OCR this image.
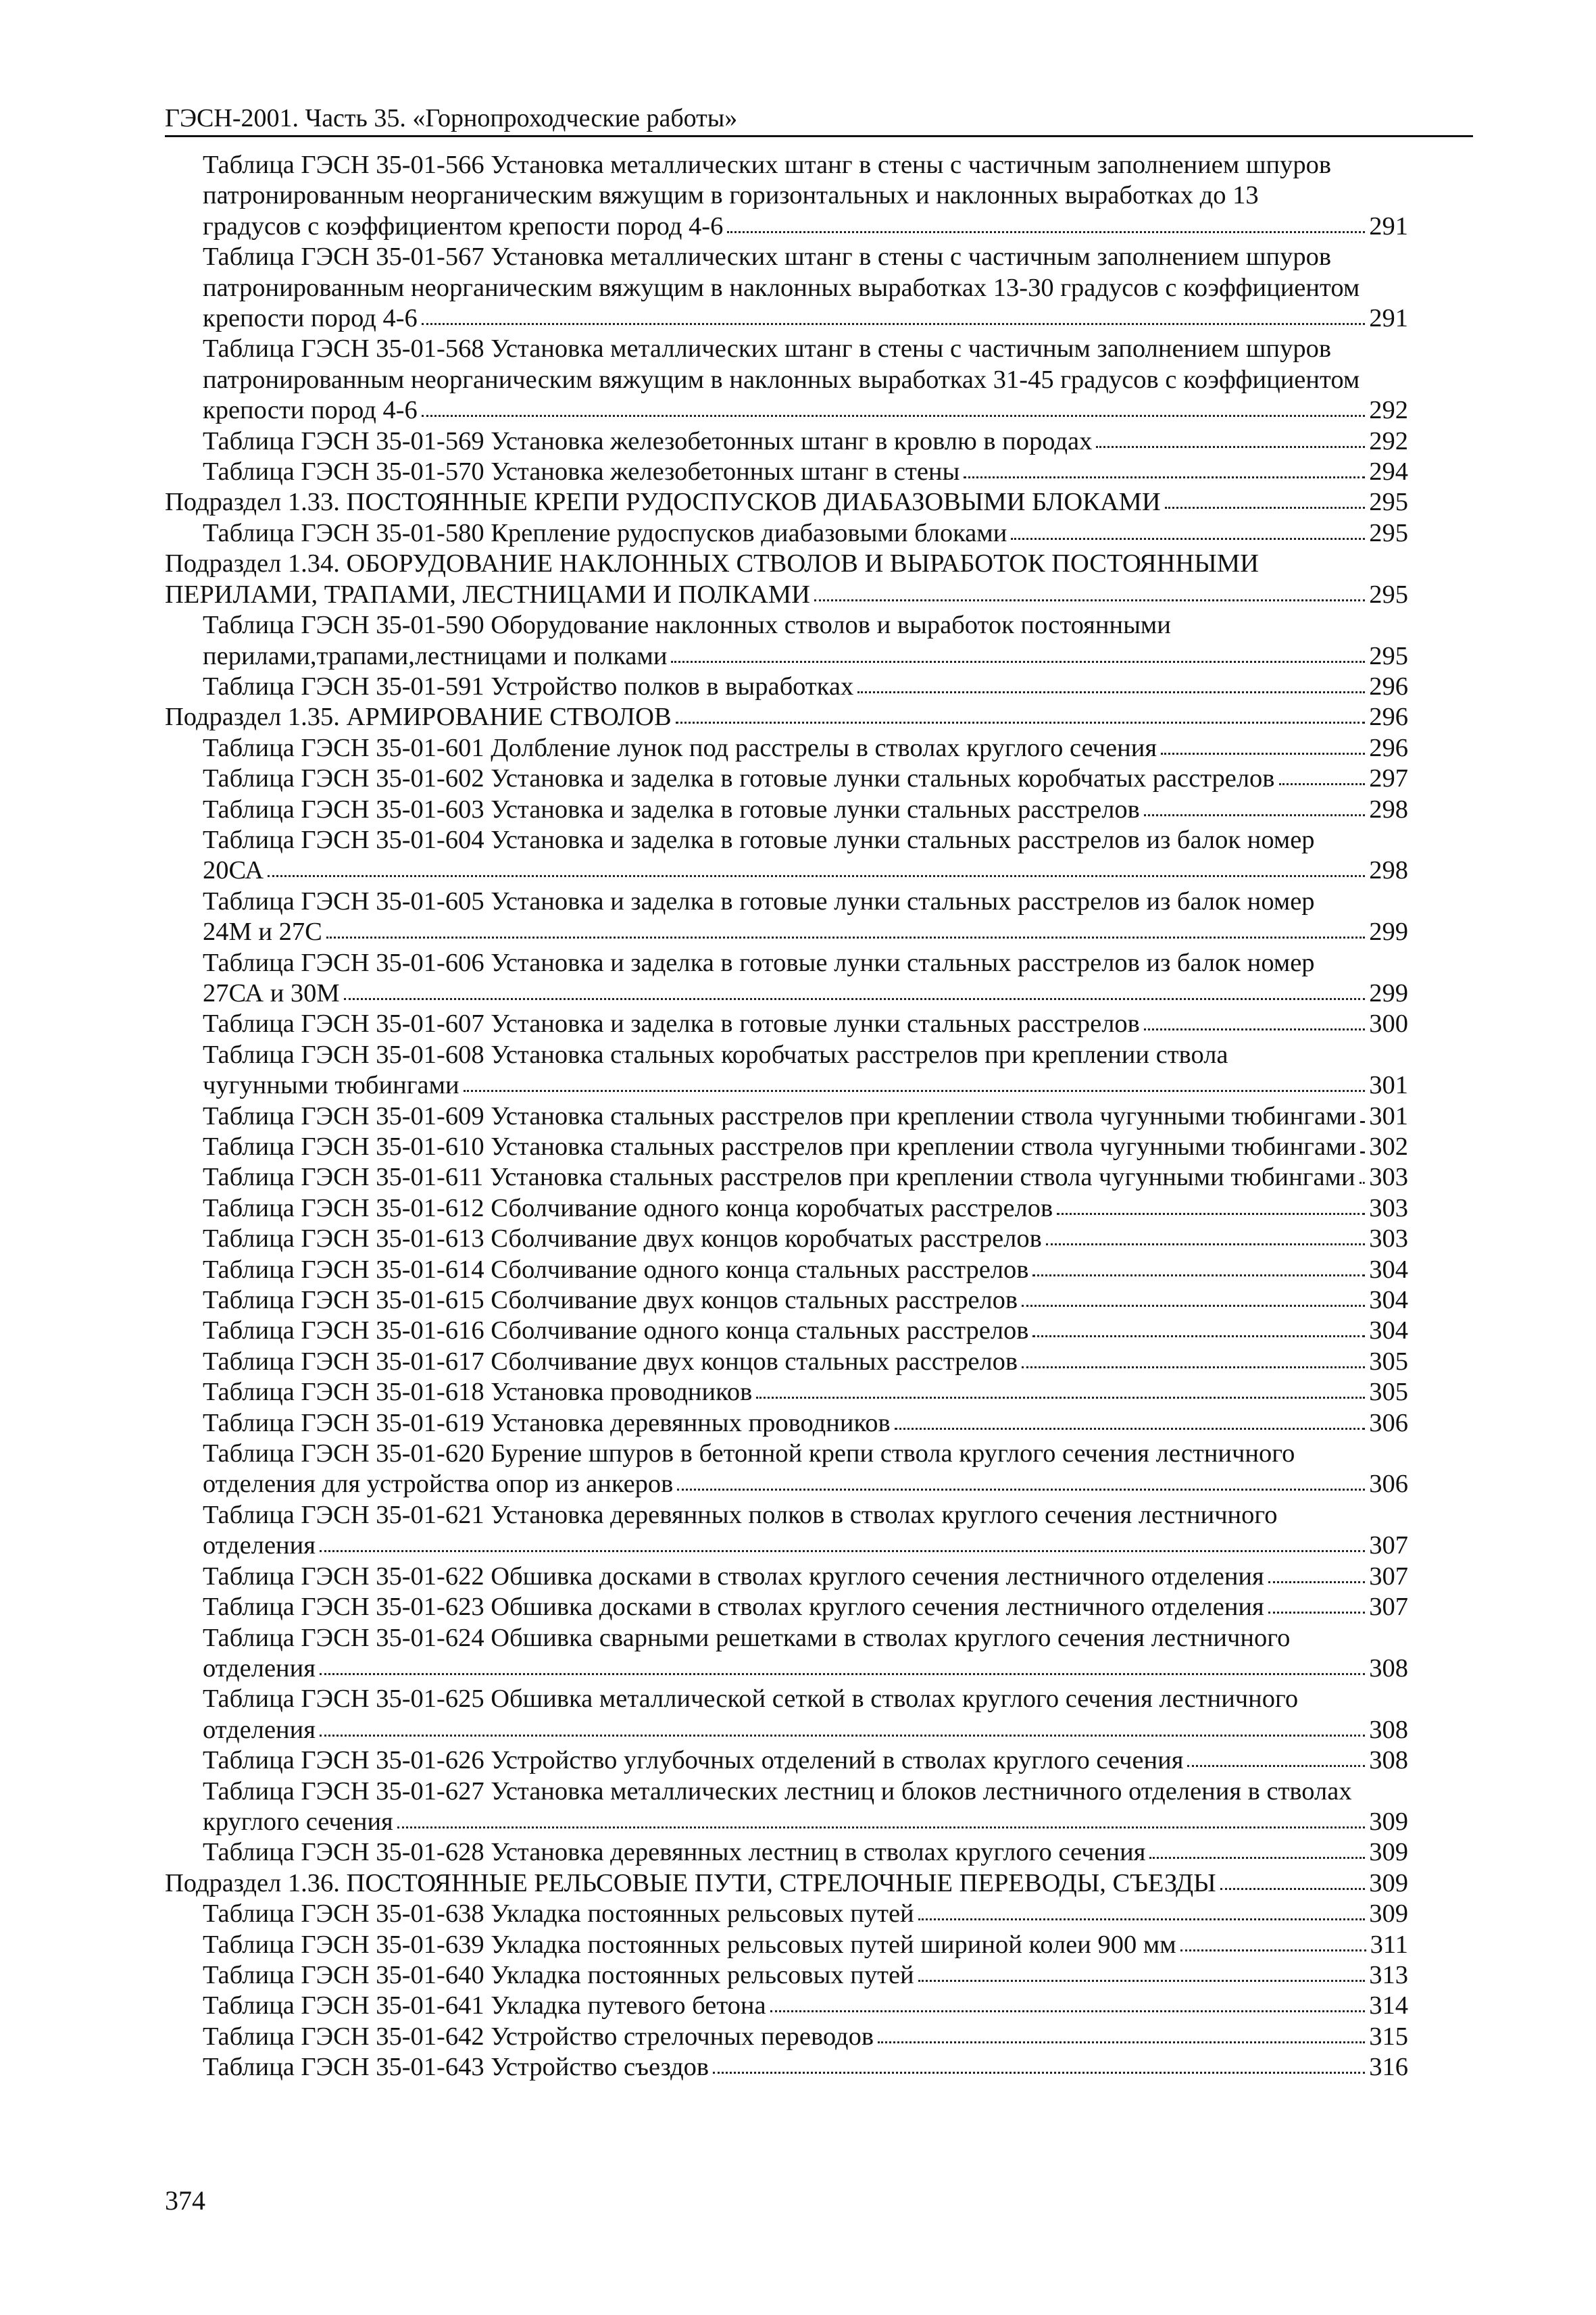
ГЭСН-2001. Часть 35. «Горнопроходческие работы»
Таблица ГЭСН 35-01-566 Установка металлических штанг в стены с частичным заполнением шпуров
патронированным неорганическим вяжущим в горизонтальных и наклонных выработках до 13
градусов с коэффициентом крепости пород 4-6	291
Таблица ГЭСН 35-01-567 Установка металлических штанг в стены с частичным заполнением шпуров
патронированным неорганическим вяжущим в наклонных выработках 13-30 градусов с коэффициентом
крепости пород 4-6	291
Таблица ГЭСН 35-01-568 Установка металлических штанг в стены с частичным заполнением шпуров
патронированным неорганическим вяжущим в наклонных выработках 31-45 градусов с коэффициентом
крепости пород 4-6	292
Таблица ГЭСН 35-01-569 Установка железобетонных штанг в кровлю в породах	292
Таблица ГЭСН 35-01-570 Установка железобетонных штанг в стены	294
Подраздел 1.33. ПОСТОЯННЫЕ КРЕПИ РУДОСПУСКОВ ДИАБАЗОВЫМИ БЛОКАМИ	295
Таблица ГЭСН 35-01-580 Крепление рудоспусков диабазовыми блоками	295
Подраздел 1.34. ОБОРУДОВАНИЕ НАКЛОННЫХ СТВОЛОВ И ВЫРАБОТОК ПОСТОЯННЫМИ
ПЕРИЛАМИ, ТРАПАМИ, ЛЕСТНИЦАМИ И ПОЛКАМИ	295
Таблица ГЭСН 35-01-590 Оборудование наклонных стволов и выработок постоянными
перилами,трапами,лестницами и полками	295
Таблица ГЭСН 35-01-591 Устройство полков в выработках	296
Подраздел 1.35. АРМИРОВАНИЕ СТВОЛОВ	296
Таблица ГЭСН 35-01-601 Долбление лунок под расстрелы в стволах круглого сечения	296
Таблица ГЭСН 35-01-602 Установка и заделка в готовые лунки стальных коробчатых расстрелов	297
Таблица ГЭСН 35-01-603 Установка и заделка в готовые лунки стальных расстрелов	298
Таблица ГЭСН 35-01-604 Установка и заделка в готовые лунки стальных расстрелов из балок номер
20СА	298
Таблица ГЭСН 35-01-605 Установка и заделка в готовые лунки стальных расстрелов из балок номер
24М и 27С	299
Таблица ГЭСН 35-01-606 Установка и заделка в готовые лунки стальных расстрелов из балок номер
27СА и 30М	299
Таблица ГЭСН 35-01-607 Установка и заделка в готовые лунки стальных расстрелов	300
Таблица ГЭСН 35-01-608 Установка стальных коробчатых расстрелов при креплении ствола
чугунными тюбингами	301
Таблица ГЭСН 35-01-609 Установка стальных расстрелов при креплении ствола чугунными тюбингами 301
Таблица ГЭСН 35-01-610 Установка стальных расстрелов при креплении ствола чугунными тюбингами 302
Таблица ГЭСН 35-01-611 Установка стальных расстрелов при креплении ствола чугунными тюбингами 303
Таблица ГЭСН 35-01-612 Сболчивание одного конца коробчатых расстрелов	303
Таблица ГЭСН 35-01-613 Сболчивание двух концов коробчатых расстрелов	303
Таблица ГЭСН 35-01-614 Сболчивание одного конца стальных расстрелов	304
Таблица ГЭСН 35-01-615 Сболчивание двух концов стальных расстрелов	304
Таблица ГЭСН 35-01-616 Сболчивание одного конца стальных расстрелов	304
Таблица ГЭСН 35-01-617 Сболчивание двух концов стальных расстрелов	305
Таблица ГЭСН 35-01-618 Установка проводников	305
Таблица ГЭСН 35-01-619 Установка деревянных проводников	306
Таблица ГЭСН 35-01-620 Бурение шпуров в бетонной крепи ствола круглого сечения лестничного
отделения для устройства опор из анкеров	306
Таблица ГЭСН 35-01-621 Установка деревянных полков в стволах круглого сечения лестничного
отделения	307
Таблица ГЭСН 35-01-622 Обшивка досками в стволах круглого сечения лестничного отделения	307
Таблица ГЭСН 35-01-623 Обшивка досками в стволах круглого сечения лестничного отделения	307
Таблица ГЭСН 35-01-624 Обшивка сварными решетками в стволах круглого сечения лестничного
отделения	308
Таблица ГЭСН 35-01-625 Обшивка металлической сеткой в стволах круглого сечения лестничного
отделения	308
Таблица ГЭСН 35-01-626 Устройство углубочных отделений в стволах круглого сечения	308
Таблица ГЭСН 35-01-627 Установка металлических лестниц и блоков лестничного отделения в стволах
круглого сечения	309
Таблица ГЭСН 35-01-628 Установка деревянных лестниц в стволах круглого сечения	309
Подраздел 1.36. ПОСТОЯННЫЕ РЕЛЬСОВЫЕ ПУТИ, СТРЕЛОЧНЫЕ ПЕРЕВОДЫ, СЪЕЗДЫ	309
Таблица ГЭСН 35-01-638 Укладка постоянных рельсовых путей	309
Таблица ГЭСН 35-01-639 Укладка постоянных рельсовых путей шириной колеи 900 мм	311
Таблица ГЭСН 35-01-640 Укладка постоянных рельсовых путей	313
Таблица ГЭСН 35-01-641 Укладка путевого бетона	314
Таблица ГЭСН 35-01-642 Устройство стрелочных переводов	315
Таблица ГЭСН 35-01-643 Устройство съездов	316
374
